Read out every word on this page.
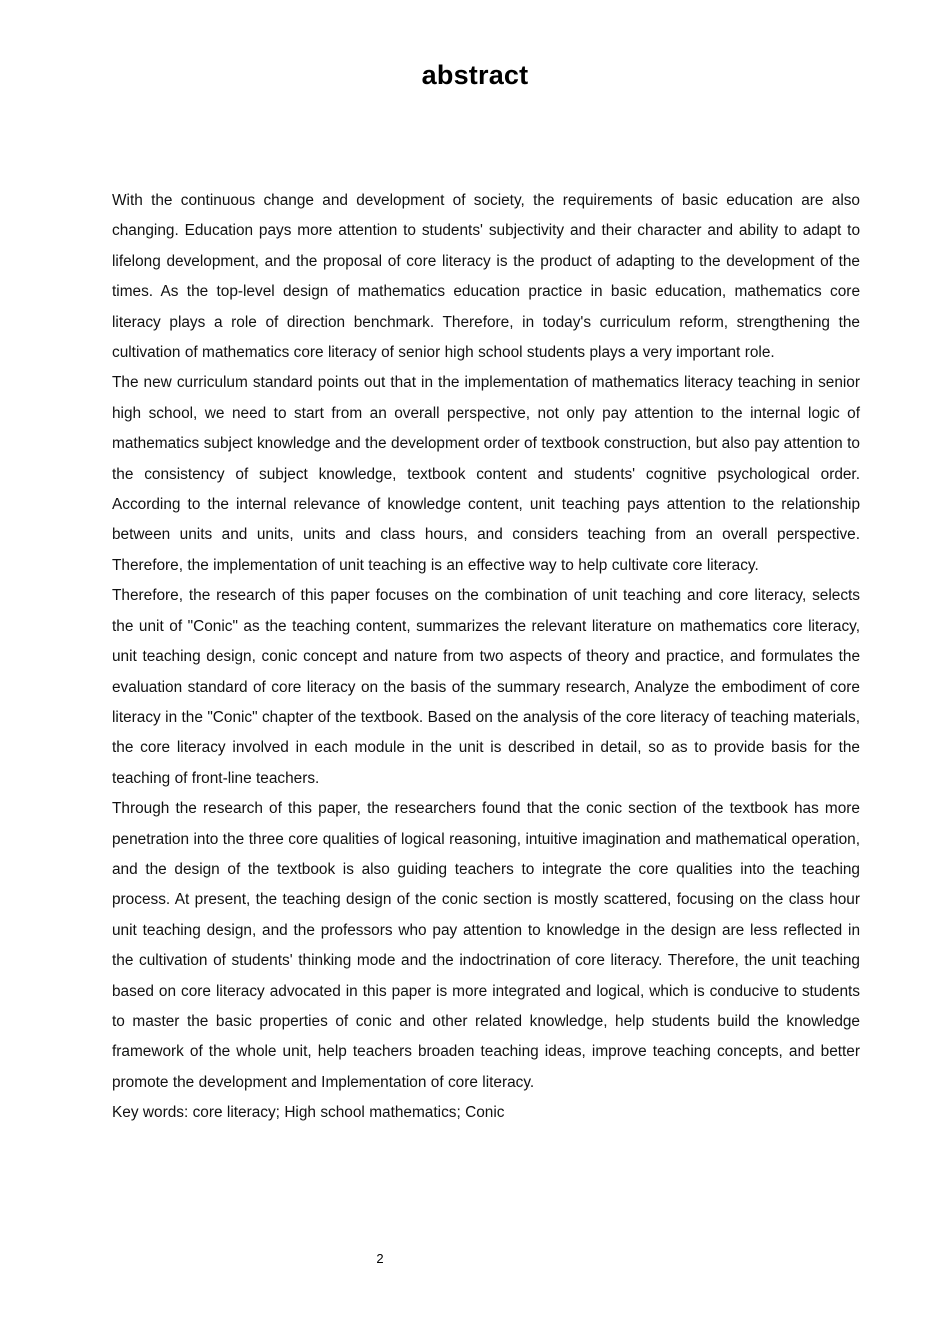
abstract

With the continuous change and development of society, the requirements of basic education are also changing. Education pays more attention to students' subjectivity and their character and ability to adapt to lifelong development, and the proposal of core literacy is the product of adapting to the development of the times. As the top-level design of mathematics education practice in basic education, mathematics core literacy plays a role of direction benchmark. Therefore, in today's curriculum reform, strengthening the cultivation of mathematics core literacy of senior high school students plays a very important role.

The new curriculum standard points out that in the implementation of mathematics literacy teaching in senior high school, we need to start from an overall perspective, not only pay attention to the internal logic of mathematics subject knowledge and the development order of textbook construction, but also pay attention to the consistency of subject knowledge, textbook content and students' cognitive psychological order. According to the internal relevance of knowledge content, unit teaching pays attention to the relationship between units and units, units and class hours, and considers teaching from an overall perspective. Therefore, the implementation of unit teaching is an effective way to help cultivate core literacy.

Therefore, the research of this paper focuses on the combination of unit teaching and core literacy, selects the unit of "Conic" as the teaching content, summarizes the relevant literature on mathematics core literacy, unit teaching design, conic concept and nature from two aspects of theory and practice, and formulates the evaluation standard of core literacy on the basis of the summary research, Analyze the embodiment of core literacy in the "Conic" chapter of the textbook. Based on the analysis of the core literacy of teaching materials, the core literacy involved in each module in the unit is described in detail, so as to provide basis for the teaching of front-line teachers.

Through the research of this paper, the researchers found that the conic section of the textbook has more penetration into the three core qualities of logical reasoning, intuitive imagination and mathematical operation, and the design of the textbook is also guiding teachers to integrate the core qualities into the teaching process. At present, the teaching design of the conic section is mostly scattered, focusing on the class hour unit teaching design, and the professors who pay attention to knowledge in the design are less reflected in the cultivation of students' thinking mode and the indoctrination of core literacy. Therefore, the unit teaching based on core literacy advocated in this paper is more integrated and logical, which is conducive to students to master the basic properties of conic and other related knowledge, help students build the knowledge framework of the whole unit, help teachers broaden teaching ideas, improve teaching concepts, and better promote the development and Implementation of core literacy.

Key words: core literacy; High school mathematics; Conic

2
